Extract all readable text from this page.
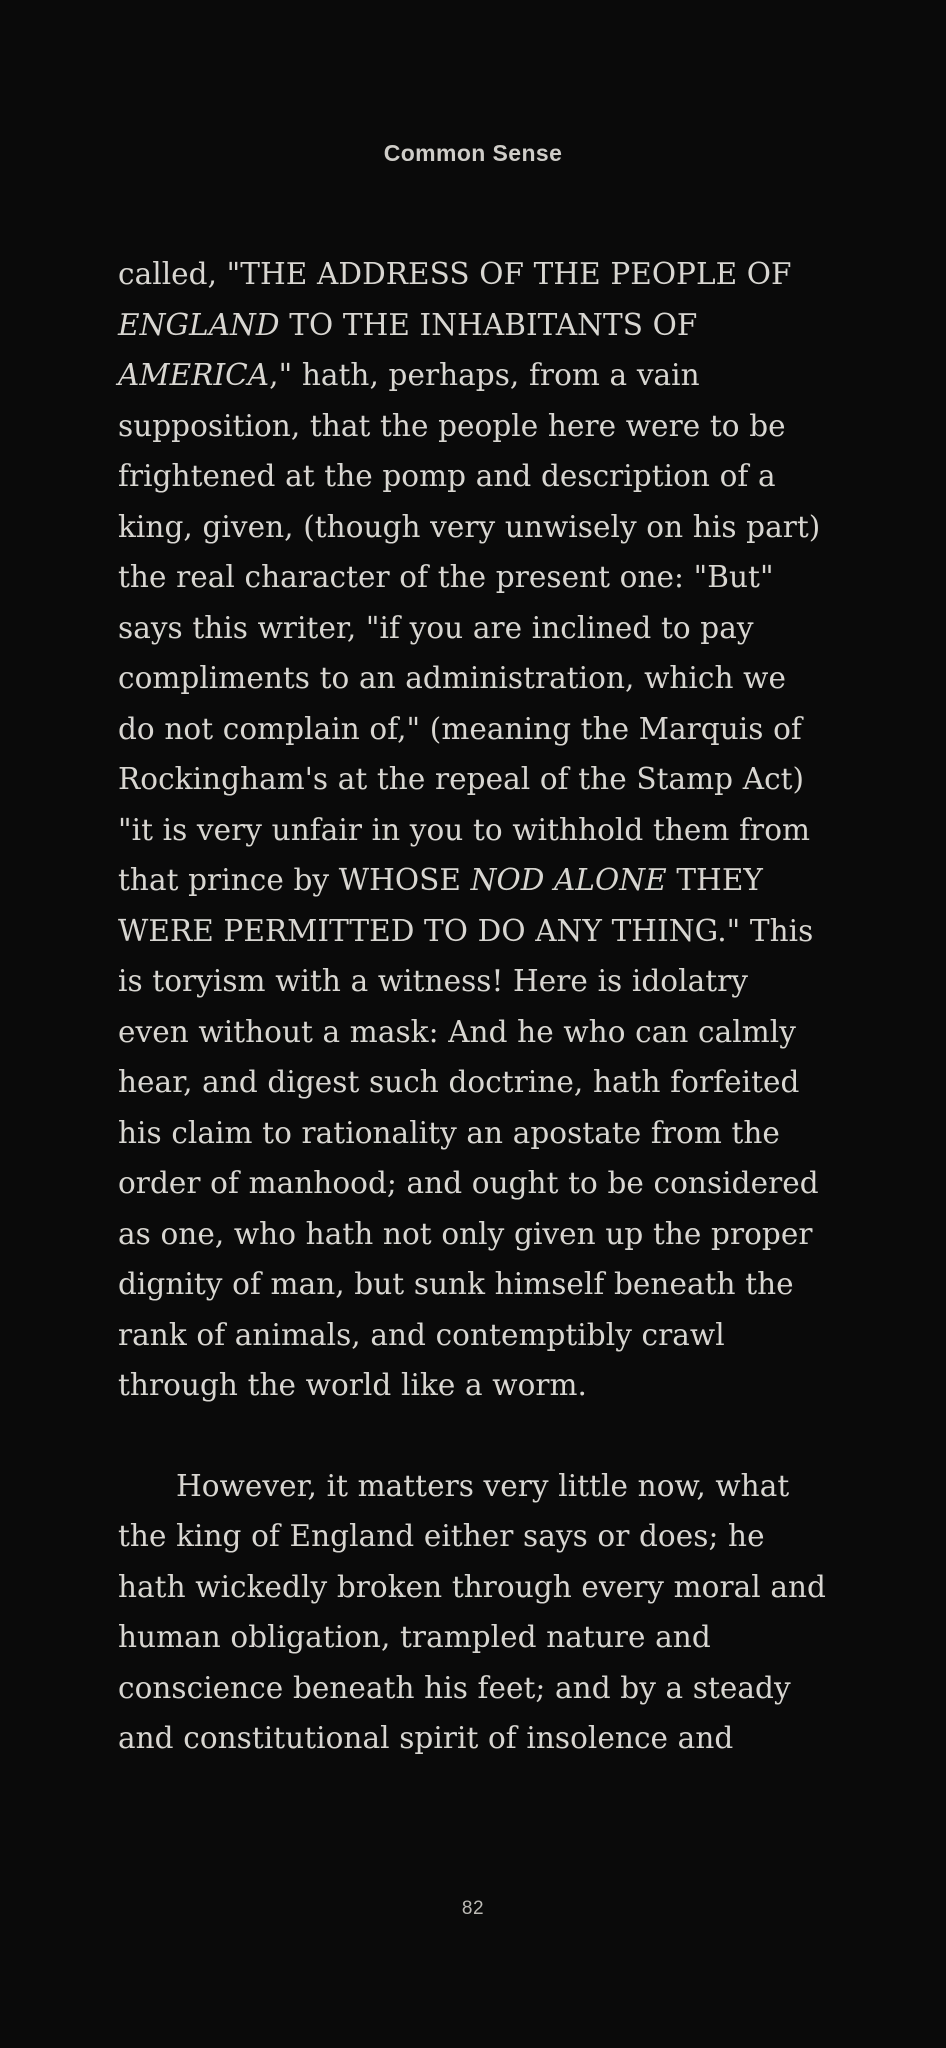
Common Sense

called, "THE ADDRESS OF THE PEOPLE OF ENGLAND TO THE INHABITANTS OF AMERICA," hath, perhaps, from a vain supposition, that the people here were to be frightened at the pomp and description of a king, given, (though very unwisely on his part) the real character of the present one: "But" says this writer, "if you are inclined to pay compliments to an administration, which we do not complain of," (meaning the Marquis of Rockingham's at the repeal of the Stamp Act) "it is very unfair in you to withhold them from that prince by WHOSE NOD ALONE THEY WERE PERMITTED TO DO ANY THING." This is toryism with a witness! Here is idolatry even without a mask: And he who can calmly hear, and digest such doctrine, hath forfeited his claim to rationality an apostate from the order of manhood; and ought to be considered as one, who hath not only given up the proper dignity of man, but sunk himself beneath the rank of animals, and contemptibly crawl through the world like a worm.

However, it matters very little now, what the king of England either says or does; he hath wickedly broken through every moral and human obligation, trampled nature and conscience beneath his feet; and by a steady and constitutional spirit of insolence and

82
